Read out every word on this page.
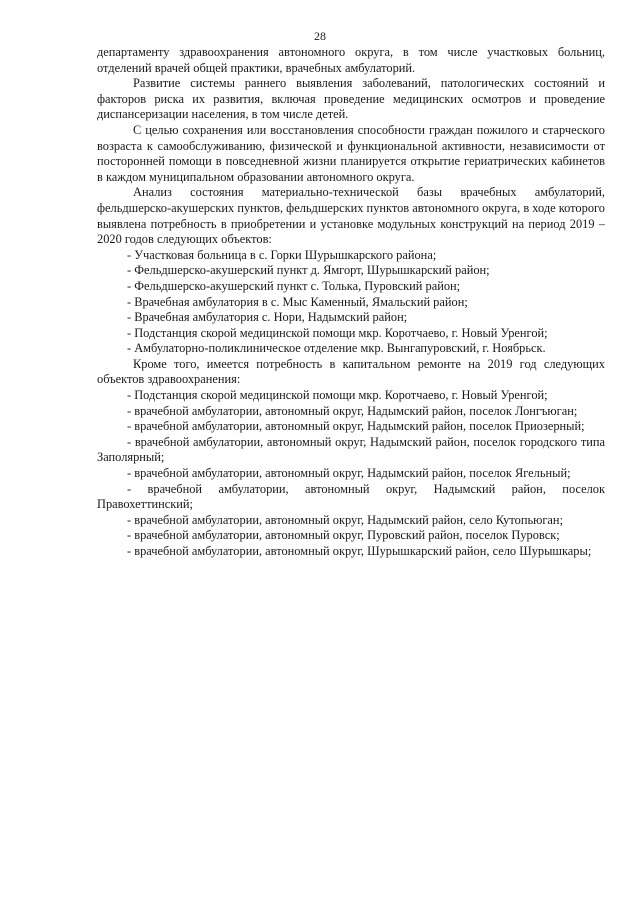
28

департаменту здравоохранения автономного округа, в том числе участковых больниц, отделений врачей общей практики, врачебных амбулаторий.

Развитие системы раннего выявления заболеваний, патологических состояний и факторов риска их развития, включая проведение медицинских осмотров и проведение диспансеризации населения, в том числе детей.

С целью сохранения или восстановления способности граждан пожилого и старческого возраста к самообслуживанию, физической и функциональной активности, независимости от посторонней помощи в повседневной жизни планируется открытие гериатрических кабинетов в каждом муниципальном образовании автономного округа.

Анализ состояния материально-технической базы врачебных амбулаторий, фельдшерско-акушерских пунктов, фельдшерских пунктов автономного округа, в ходе которого выявлена потребность в приобретении и установке модульных конструкций на период 2019 – 2020 годов следующих объектов:

- Участковая больница в с. Горки Шурышкарского района;

- Фельдшерско-акушерский пункт д. Ямгорт, Шурышкарский район;

- Фельдшерско-акушерский пункт с. Толька, Пуровский район;

- Врачебная амбулатория в с. Мыс Каменный, Ямальский район;

- Врачебная амбулатория с. Нори, Надымский район;

- Подстанция скорой медицинской помощи мкр. Коротчаево, г. Новый Уренгой;

- Амбулаторно-поликлиническое отделение мкр. Вынгапуровский, г. Ноябрьск.

Кроме того, имеется потребность в капитальном ремонте на 2019 год следующих объектов здравоохранения:

- Подстанция скорой медицинской помощи мкр. Коротчаево, г. Новый Уренгой;

- врачебной амбулатории, автономный округ, Надымский район, поселок Лонгъюган;

- врачебной амбулатории, автономный округ, Надымский район, поселок Приозерный;

- врачебной амбулатории, автономный округ, Надымский район, поселок городского типа Заполярный;

- врачебной амбулатории, автономный округ, Надымский район, поселок Ягельный;

- врачебной амбулатории, автономный округ, Надымский район, поселок Правохеттинский;

- врачебной амбулатории, автономный округ, Надымский район, село Кутопьюган;

- врачебной амбулатории, автономный округ, Пуровский район, поселок Пуровск;

- врачебной амбулатории, автономный округ, Шурышкарский район, село Шурышкары;
